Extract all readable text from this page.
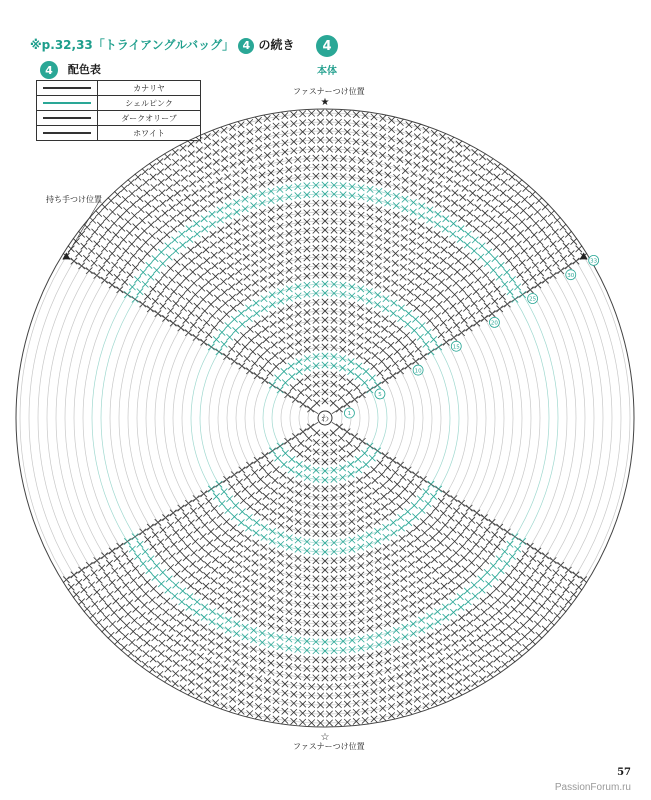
※p.32,33「トライアングルバッグ」 4 の続き
4 配色表
	カナリヤ

	シェルピンク

	ダークオリーブ

	ホワイト
4
本体
わ
33
30
25
20
15
10
5
1
★
☆
ファスナーつけ位置
ファスナーつけ位置
持ち手つけ位置
57
PassionForum.ru
